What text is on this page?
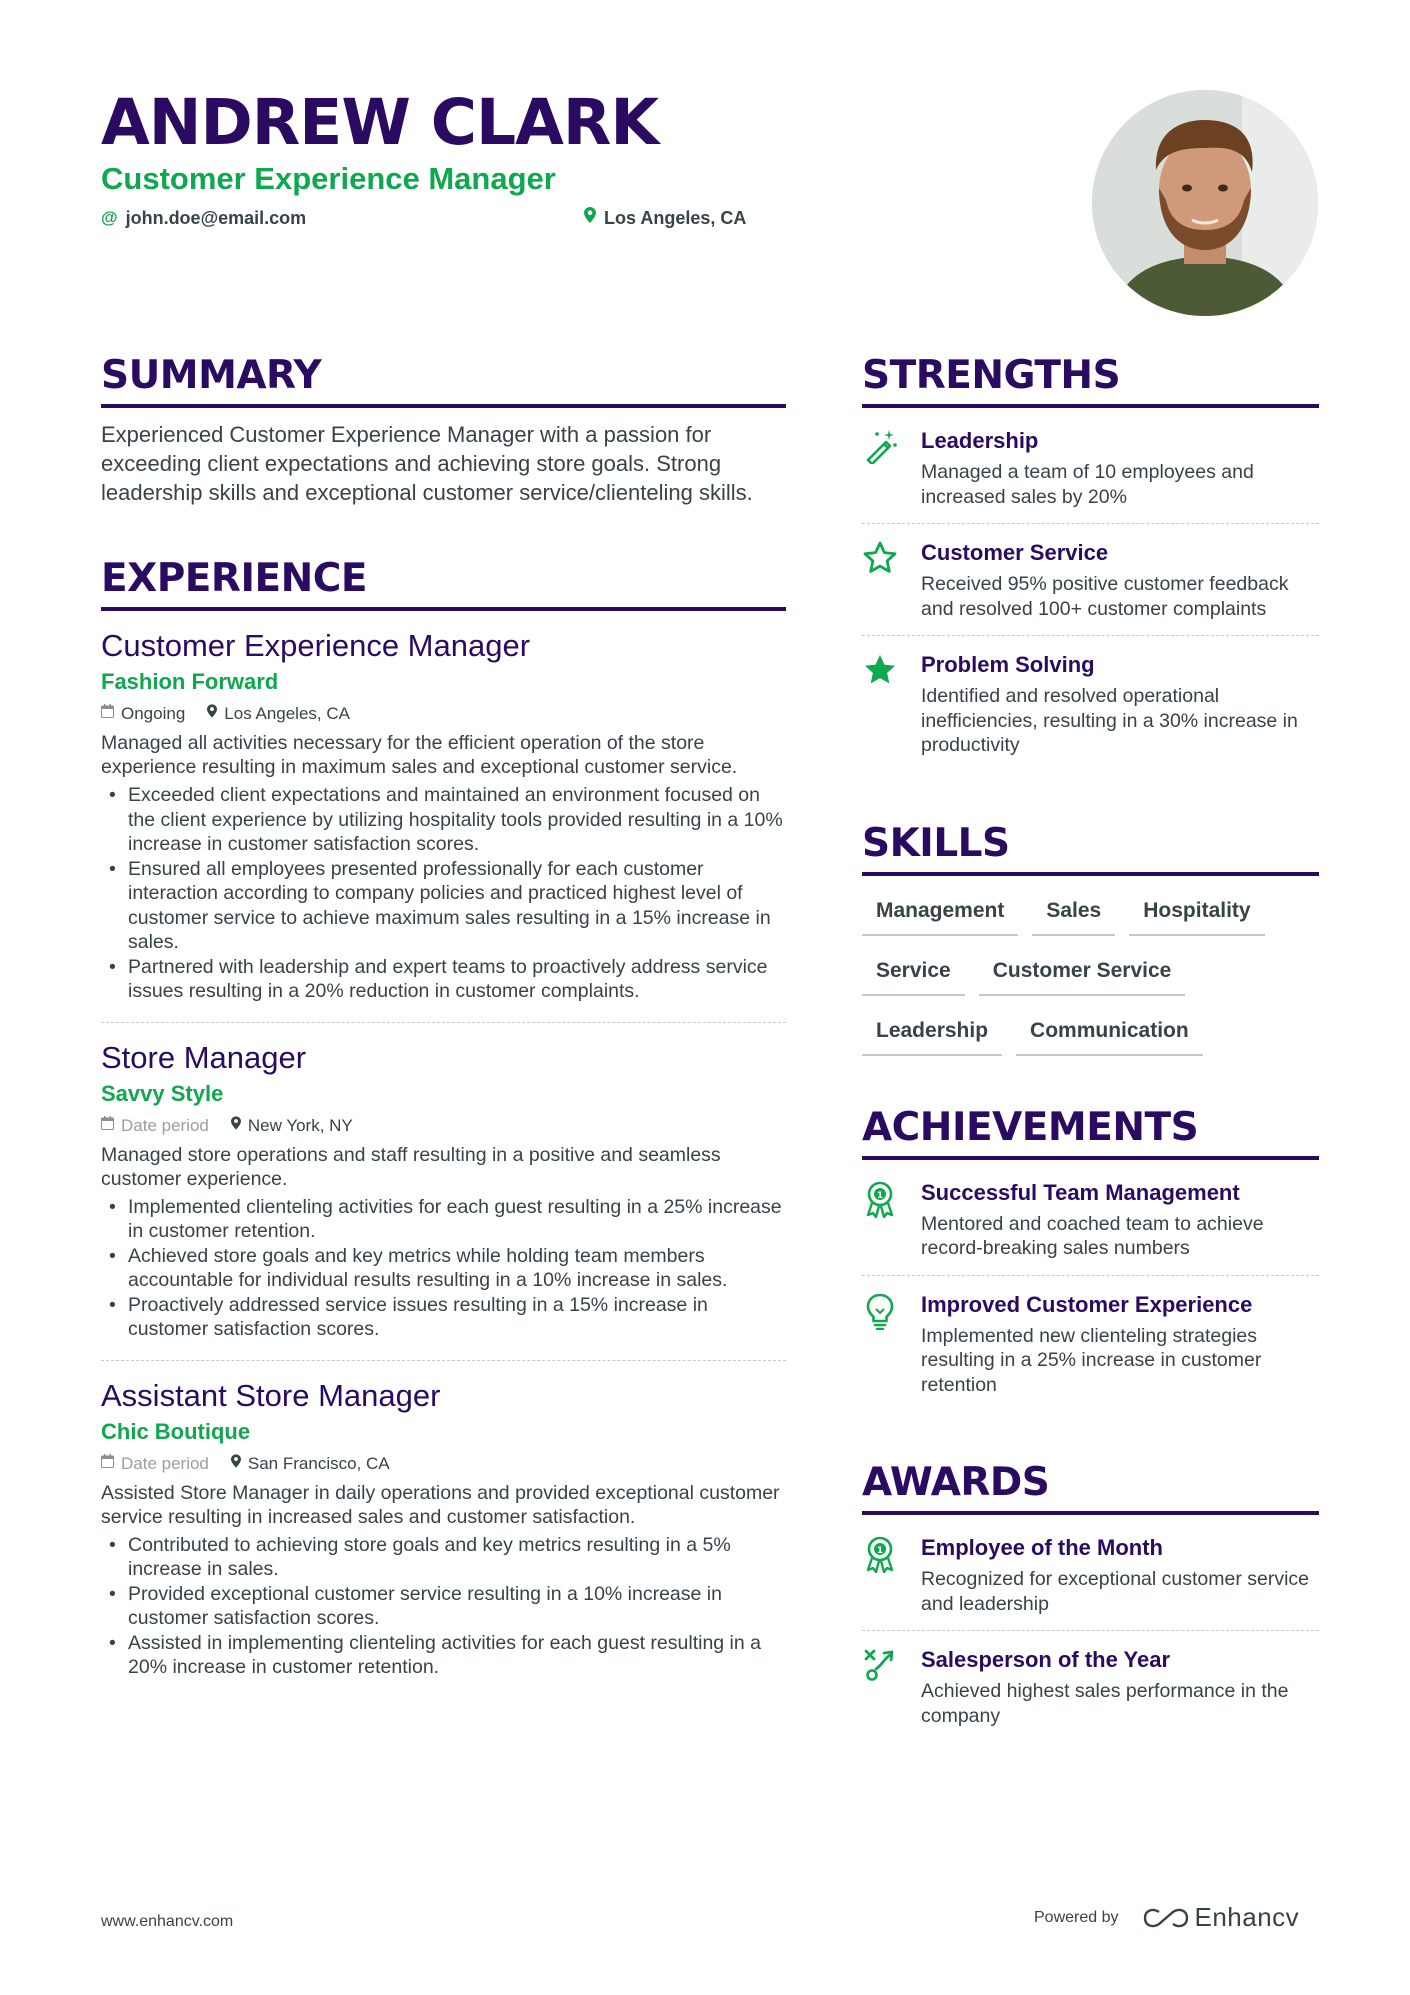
ANDREW CLARK
Customer Experience Manager
@ john.doe@email.com	Los Angeles, CA
SUMMARY
Experienced Customer Experience Manager with a passion for exceeding client expectations and achieving store goals. Strong leadership skills and exceptional customer service/clienteling skills.
EXPERIENCE
Customer Experience Manager
Fashion Forward
Ongoing Los Angeles, CA
Managed all activities necessary for the efficient operation of the store experience resulting in maximum sales and exceptional customer service.
• Exceeded client expectations and maintained an environment focused on the client experience by utilizing hospitality tools provided resulting in a 10% increase in customer satisfaction scores.
• Ensured all employees presented professionally for each customer interaction according to company policies and practiced highest level of customer service to achieve maximum sales resulting in a 15% increase in sales.
• Partnered with leadership and expert teams to proactively address service issues resulting in a 20% reduction in customer complaints.
Store Manager
Savvy Style
Date period New York, NY
Managed store operations and staff resulting in a positive and seamless customer experience.
• Implemented clienteling activities for each guest resulting in a 25% increase in customer retention.
• Achieved store goals and key metrics while holding team members accountable for individual results resulting in a 10% increase in sales.
• Proactively addressed service issues resulting in a 15% increase in customer satisfaction scores.
Assistant Store Manager
Chic Boutique
Date period San Francisco, CA
Assisted Store Manager in daily operations and provided exceptional customer service resulting in increased sales and customer satisfaction.
• Contributed to achieving store goals and key metrics resulting in a 5% increase in sales.
• Provided exceptional customer service resulting in a 10% increase in customer satisfaction scores.
• Assisted in implementing clienteling activities for each guest resulting in a 20% increase in customer retention.
STRENGTHS
Leadership
Managed a team of 10 employees and increased sales by 20%
Customer Service
Received 95% positive customer feedback and resolved 100+ customer complaints
Problem Solving
Identified and resolved operational inefficiencies, resulting in a 30% increase in productivity
SKILLS
Management	Sales	Hospitality
Service	Customer Service
Leadership	Communication
ACHIEVEMENTS
1 Successful Team Management
Mentored and coached team to achieve record-breaking sales numbers
Improved Customer Experience
Implemented new clienteling strategies resulting in a 25% increase in customer retention
AWARDS
1 Employee of the Month
Recognized for exceptional customer service and leadership
Salesperson of the Year
Achieved highest sales performance in the company
www.enhancv.com	Powered by	Enhancv
